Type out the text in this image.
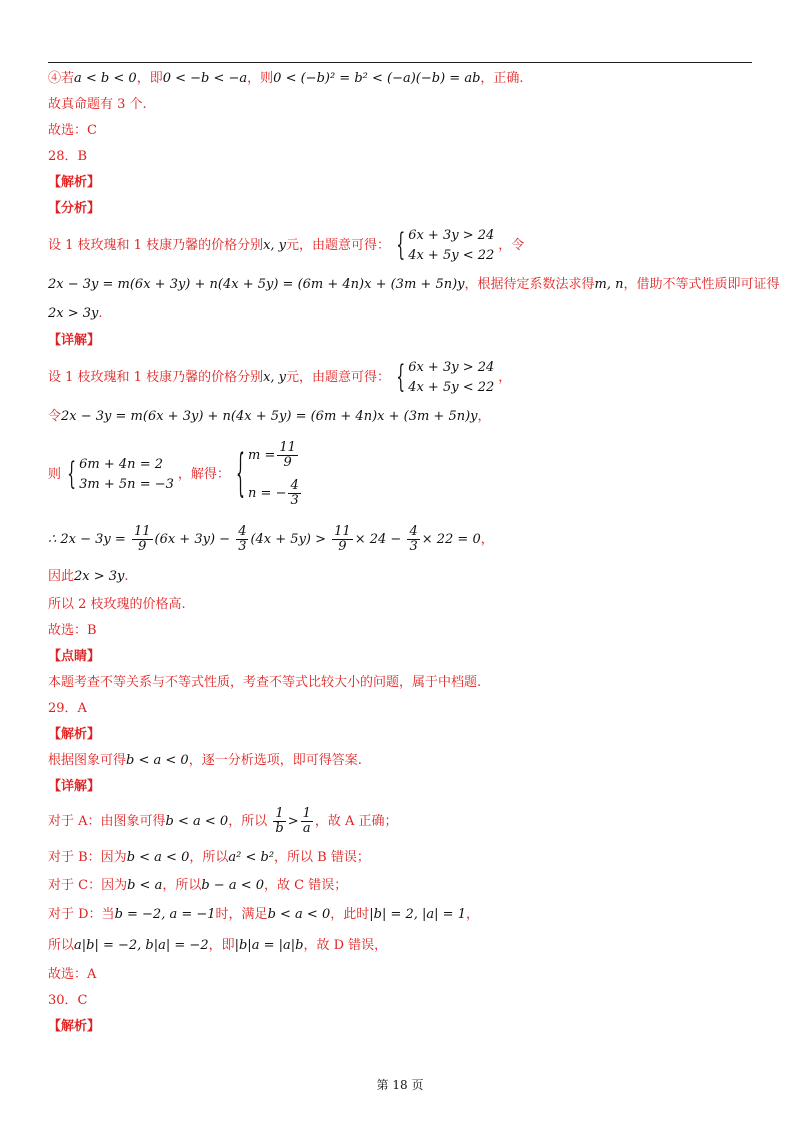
④若a < b < 0，即0 < −b < −a，则0 < (−b)² = b² < (−a)(−b) = ab，正确.
故真命题有 3 个.
故选：C
28．B
【解析】
【分析】
设 1 枝玫瑰和 1 枝康乃馨的价格分别x, y元，由题意可得：
{ 6x + 3y > 24
4x + 5y < 22
，令
2x − 3y = m(6x + 3y) + n(4x + 5y) = (6m + 4n)x + (3m + 5n)y，根据待定系数法求得m, n，借助不等式性质即可证得
2x > 3y.
【详解】
设 1 枝玫瑰和 1 枝康乃馨的价格分别x, y元，由题意可得：
{ 6x + 3y > 24
4x + 5y < 22
，
令2x − 3y = m(6x + 3y) + n(4x + 5y) = (6m + 4n)x + (3m + 5n)y，
则
{ 6m + 4n = 2
3m + 5n = −3
，解得：
{ $m = \frac{11}{9}$
n = − $\frac{4}{3}$
∴ $2x - 3y = \frac{11}{9} (6x + 3y) - \frac{4}{3} (4x + 5y) > \frac{11}{9} \times 24 - \frac{4}{3} \times 22 = 0$，
因此2x > 3y.
所以 2 枝玫瑰的价格高.
故选：B
【点睛】
本题考查不等关系与不等式性质，考查不等式比较大小的问题，属于中档题.
29．A
【解析】
根据图象可得b < a < 0，逐一分析选项，即可得答案.
【详解】
对于 A：由图象可得b < a < 0，所以 $\frac{1}{b} > \frac{1}{a}$ ，故 A 正确；
对于 B：因为b < a < 0，所以a² < b²，所以 B 错误；
对于 C：因为b < a，所以b − a < 0，故 C 错误；
对于 D：当b = −2, a = −1时，满足b < a < 0，此时|b| = 2, |a| = 1，
所以a|b| = −2, b|a| = −2，即|b|a = |a|b，故 D 错误，
故选：A
30．C
【解析】
第 18 页
